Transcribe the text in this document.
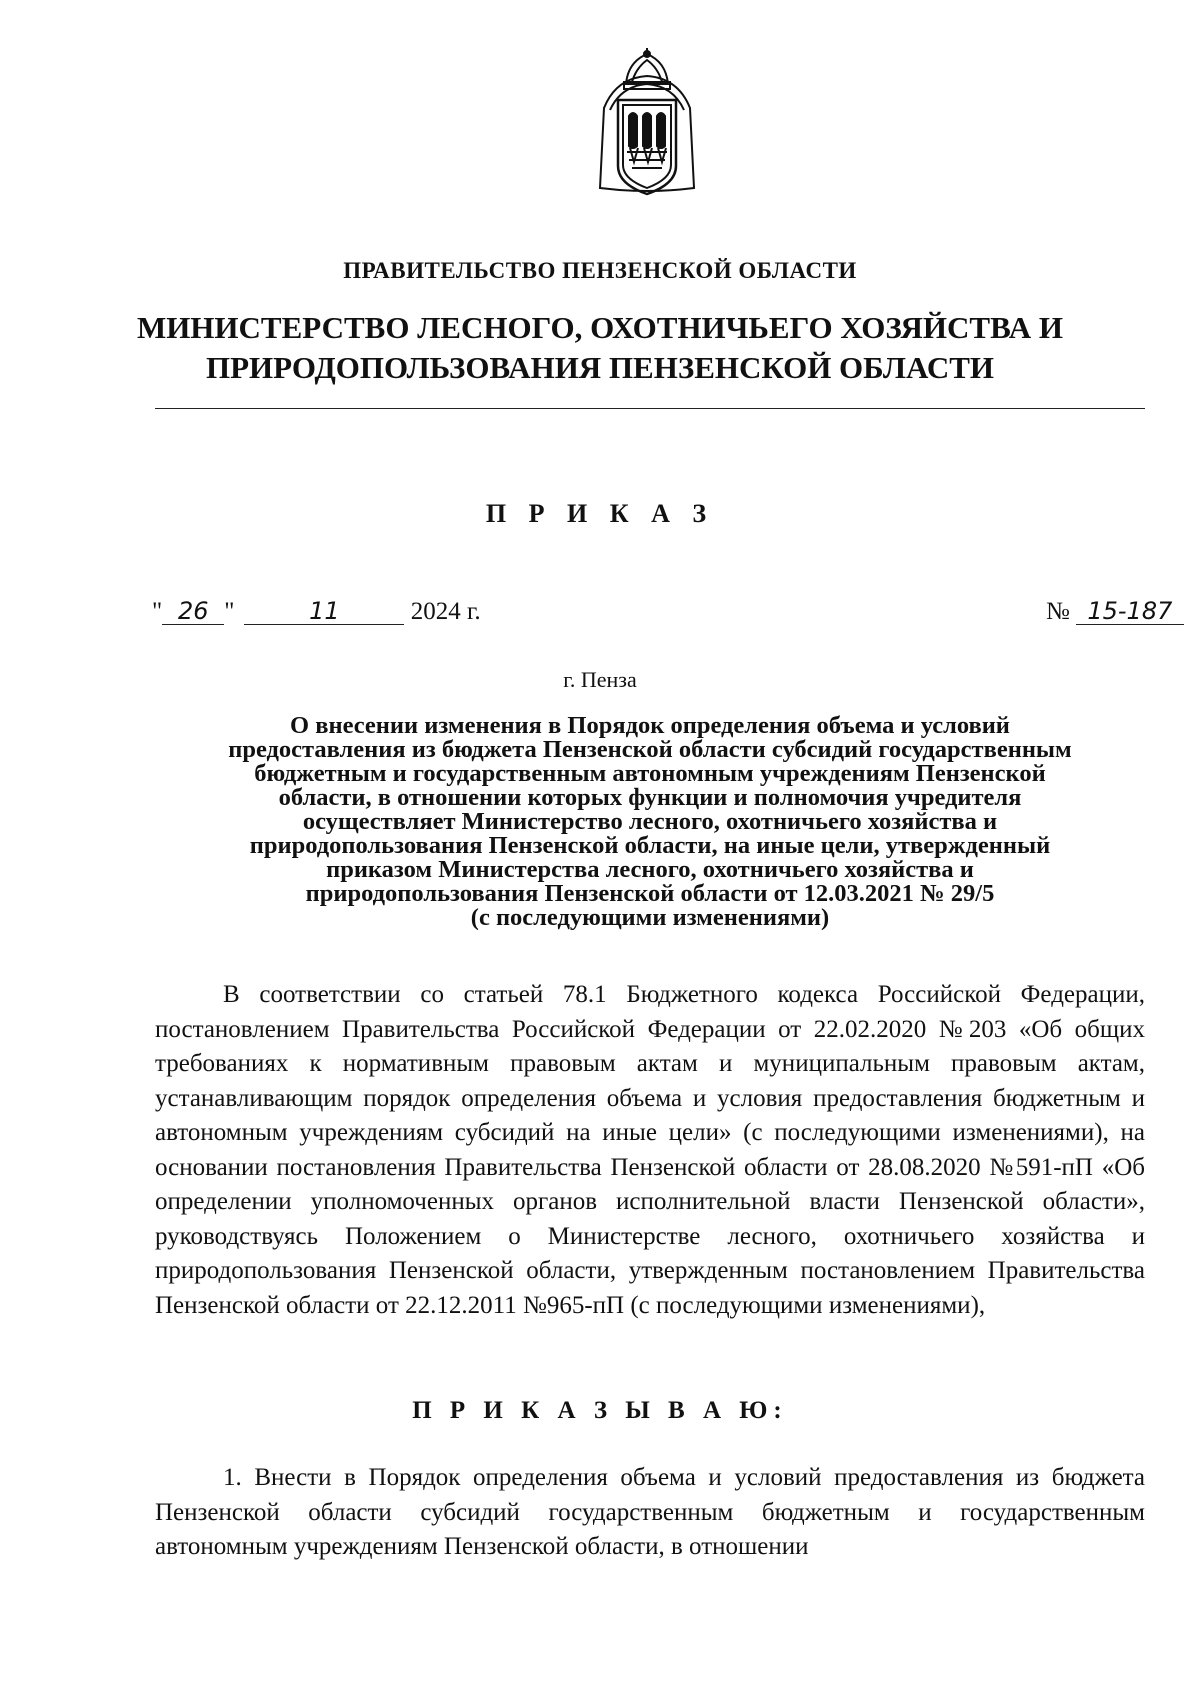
ПРАВИТЕЛЬСТВО ПЕНЗЕНСКОЙ ОБЛАСТИ
МИНИСТЕРСТВО ЛЕСНОГО, ОХОТНИЧЬЕГО ХОЗЯЙСТВА И
ПРИРОДОПОЛЬЗОВАНИЯ ПЕНЗЕНСКОЙ ОБЛАСТИ
П Р И К А З
" 26 "	11	2024 г.	№ 15-187
г. Пенза
О внесении изменения в Порядок определения объема и условий
предоставления из бюджета Пензенской области субсидий государственным
бюджетным и государственным автономным учреждениям Пензенской
области, в отношении которых функции и полномочия учредителя
осуществляет Министерство лесного, охотничьего хозяйства и
природопользования Пензенской области, на иные цели, утвержденный
приказом Министерства лесного, охотничьего хозяйства и
природопользования Пензенской области от 12.03.2021 № 29/5
(с последующими изменениями)

В соответствии со статьей 78.1 Бюджетного кодекса Российской Федерации, постановлением Правительства Российской Федерации от 22.02.2020 №203 «Об общих требованиях к нормативным правовым актам и муниципальным правовым актам, устанавливающим порядок определения объема и условия предоставления бюджетным и автономным учреждениям субсидий на иные цели» (с последующими изменениями), на основании постановления Правительства Пензенской области от 28.08.2020 №591-пП «Об определении уполномоченных органов исполнительной власти Пензенской области», руководствуясь Положением о Министерстве лесного, охотничьего хозяйства и природопользования Пензенской области, утвержденным постановлением Правительства Пензенской области от 22.12.2011 №965-пП (с последующими изменениями),

П Р И К А З Ы В А Ю:

1. Внести в Порядок определения объема и условий предоставления из бюджета Пензенской области субсидий государственным бюджетным и государственным автономным учреждениям Пензенской области, в отношении
